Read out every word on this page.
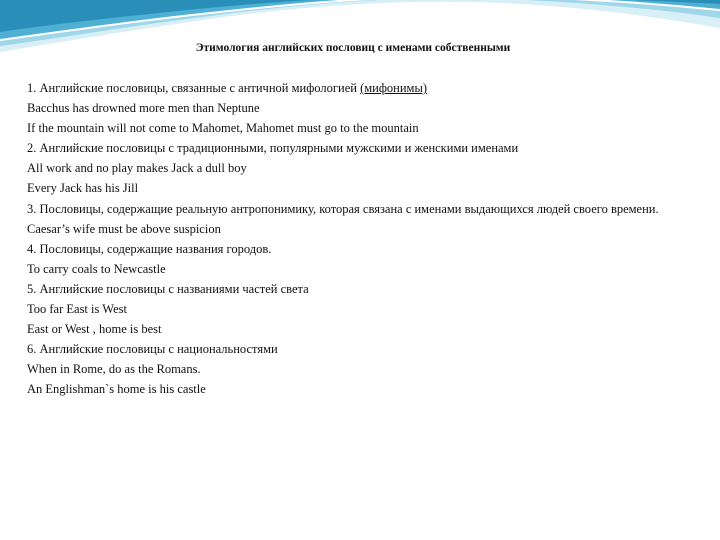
Этимология английских пословиц с именами собственными
1. Английские пословицы, связанные с античной мифологией (мифонимы)
Bacchus has drowned more men than Neptune
If the mountain will not come to Mahomet, Mahomet must go to the mountain
2. Английские пословицы с традиционными, популярными мужскими и женскими именами
All work and no play makes Jack a dull boy
Every Jack has his Jill
3. Пословицы, содержащие реальную антропонимику, которая связана с именами выдающихся людей своего времени.
Caesar’s wife must be above suspicion
4. Пословицы, содержащие названия городов.
To carry coals to Newcastle
5. Английские пословицы с названиями частей света
Too far East is West
East or West , home is best
6. Английские пословицы с национальностями
When in Rome, do as the Romans.
An Englishman`s home is his castle
